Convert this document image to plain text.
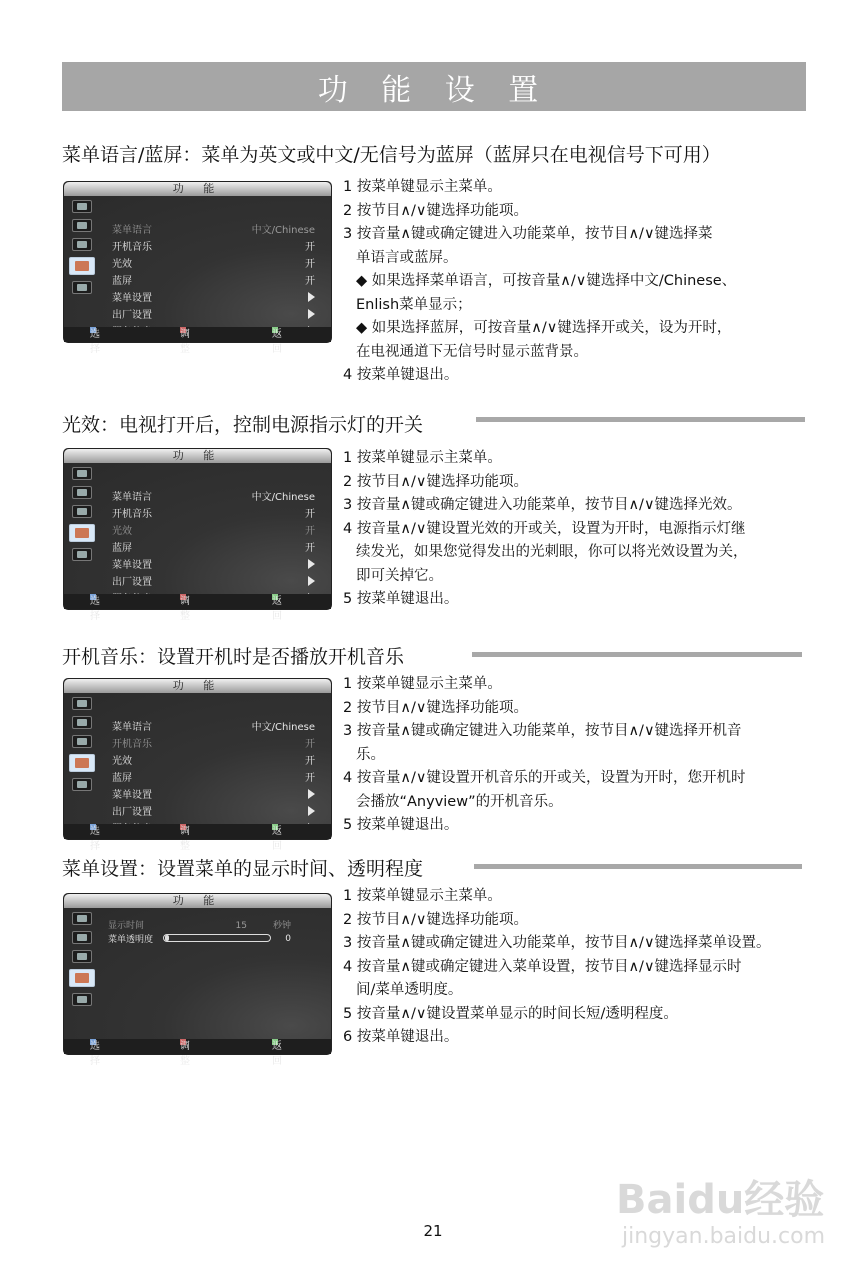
功 能 设 置
菜单语言/蓝屏：菜单为英文或中文/无信号为蓝屏（蓝屏只在电视信号下可用）
功 能
菜单语言	中文/Chinese
开机音乐	开
光效	开
蓝屏	开
菜单设置
出厂设置
选择
调整
返回

1 按菜单键显示主菜单。

2 按节目∧/∨键选择功能项。

3 按音量∧键或确定键进入功能菜单，按节目∧/∨键选择菜

单语言或蓝屏。

◆ 如果选择菜单语言，可按音量∧/∨键选择中文/Chinese、

Enlish菜单显示；

◆ 如果选择蓝屏，可按音量∧/∨键选择开或关，设为开时，

在电视通道下无信号时显示蓝背景。

4 按菜单键退出。

光效：电视打开后，控制电源指示灯的开关
功 能
菜单语言	中文/Chinese
开机音乐	开
光效	开
蓝屏	开
菜单设置
出厂设置
选择
调整
返回

1 按菜单键显示主菜单。

2 按节目∧/∨键选择功能项。

3 按音量∧键或确定键进入功能菜单，按节目∧/∨键选择光效。

4 按音量∧/∨键设置光效的开或关，设置为开时，电源指示灯继

续发光，如果您觉得发出的光刺眼，你可以将光效设置为关，

即可关掉它。

5 按菜单键退出。

开机音乐：设置开机时是否播放开机音乐
功 能
菜单语言	中文/Chinese
开机音乐	开
光效	开
蓝屏	开
菜单设置
出厂设置
选择
调整
返回

1 按菜单键显示主菜单。

2 按节目∧/∨键选择功能项。

3 按音量∧键或确定键进入功能菜单，按节目∧/∨键选择开机音

乐。

4 按音量∧/∨键设置开机音乐的开或关，设置为开时，您开机时

会播放“Anyview”的开机音乐。

5 按菜单键退出。

菜单设置：设置菜单的显示时间、透明程度
功 能
显示时间	15	秒钟
菜单透明度	0
选择
调整
返回

1 按菜单键显示主菜单。

2 按节目∧/∨键选择功能项。

3 按音量∧键或确定键进入功能菜单，按节目∧/∨键选择菜单设置。

4 按音量∧键或确定键进入菜单设置，按节目∧/∨键选择显示时

间/菜单透明度。

5 按音量∧/∨键设置菜单显示的时间长短/透明程度。

6 按菜单键退出。

Baidu经验
jingyan.baidu.com
21
